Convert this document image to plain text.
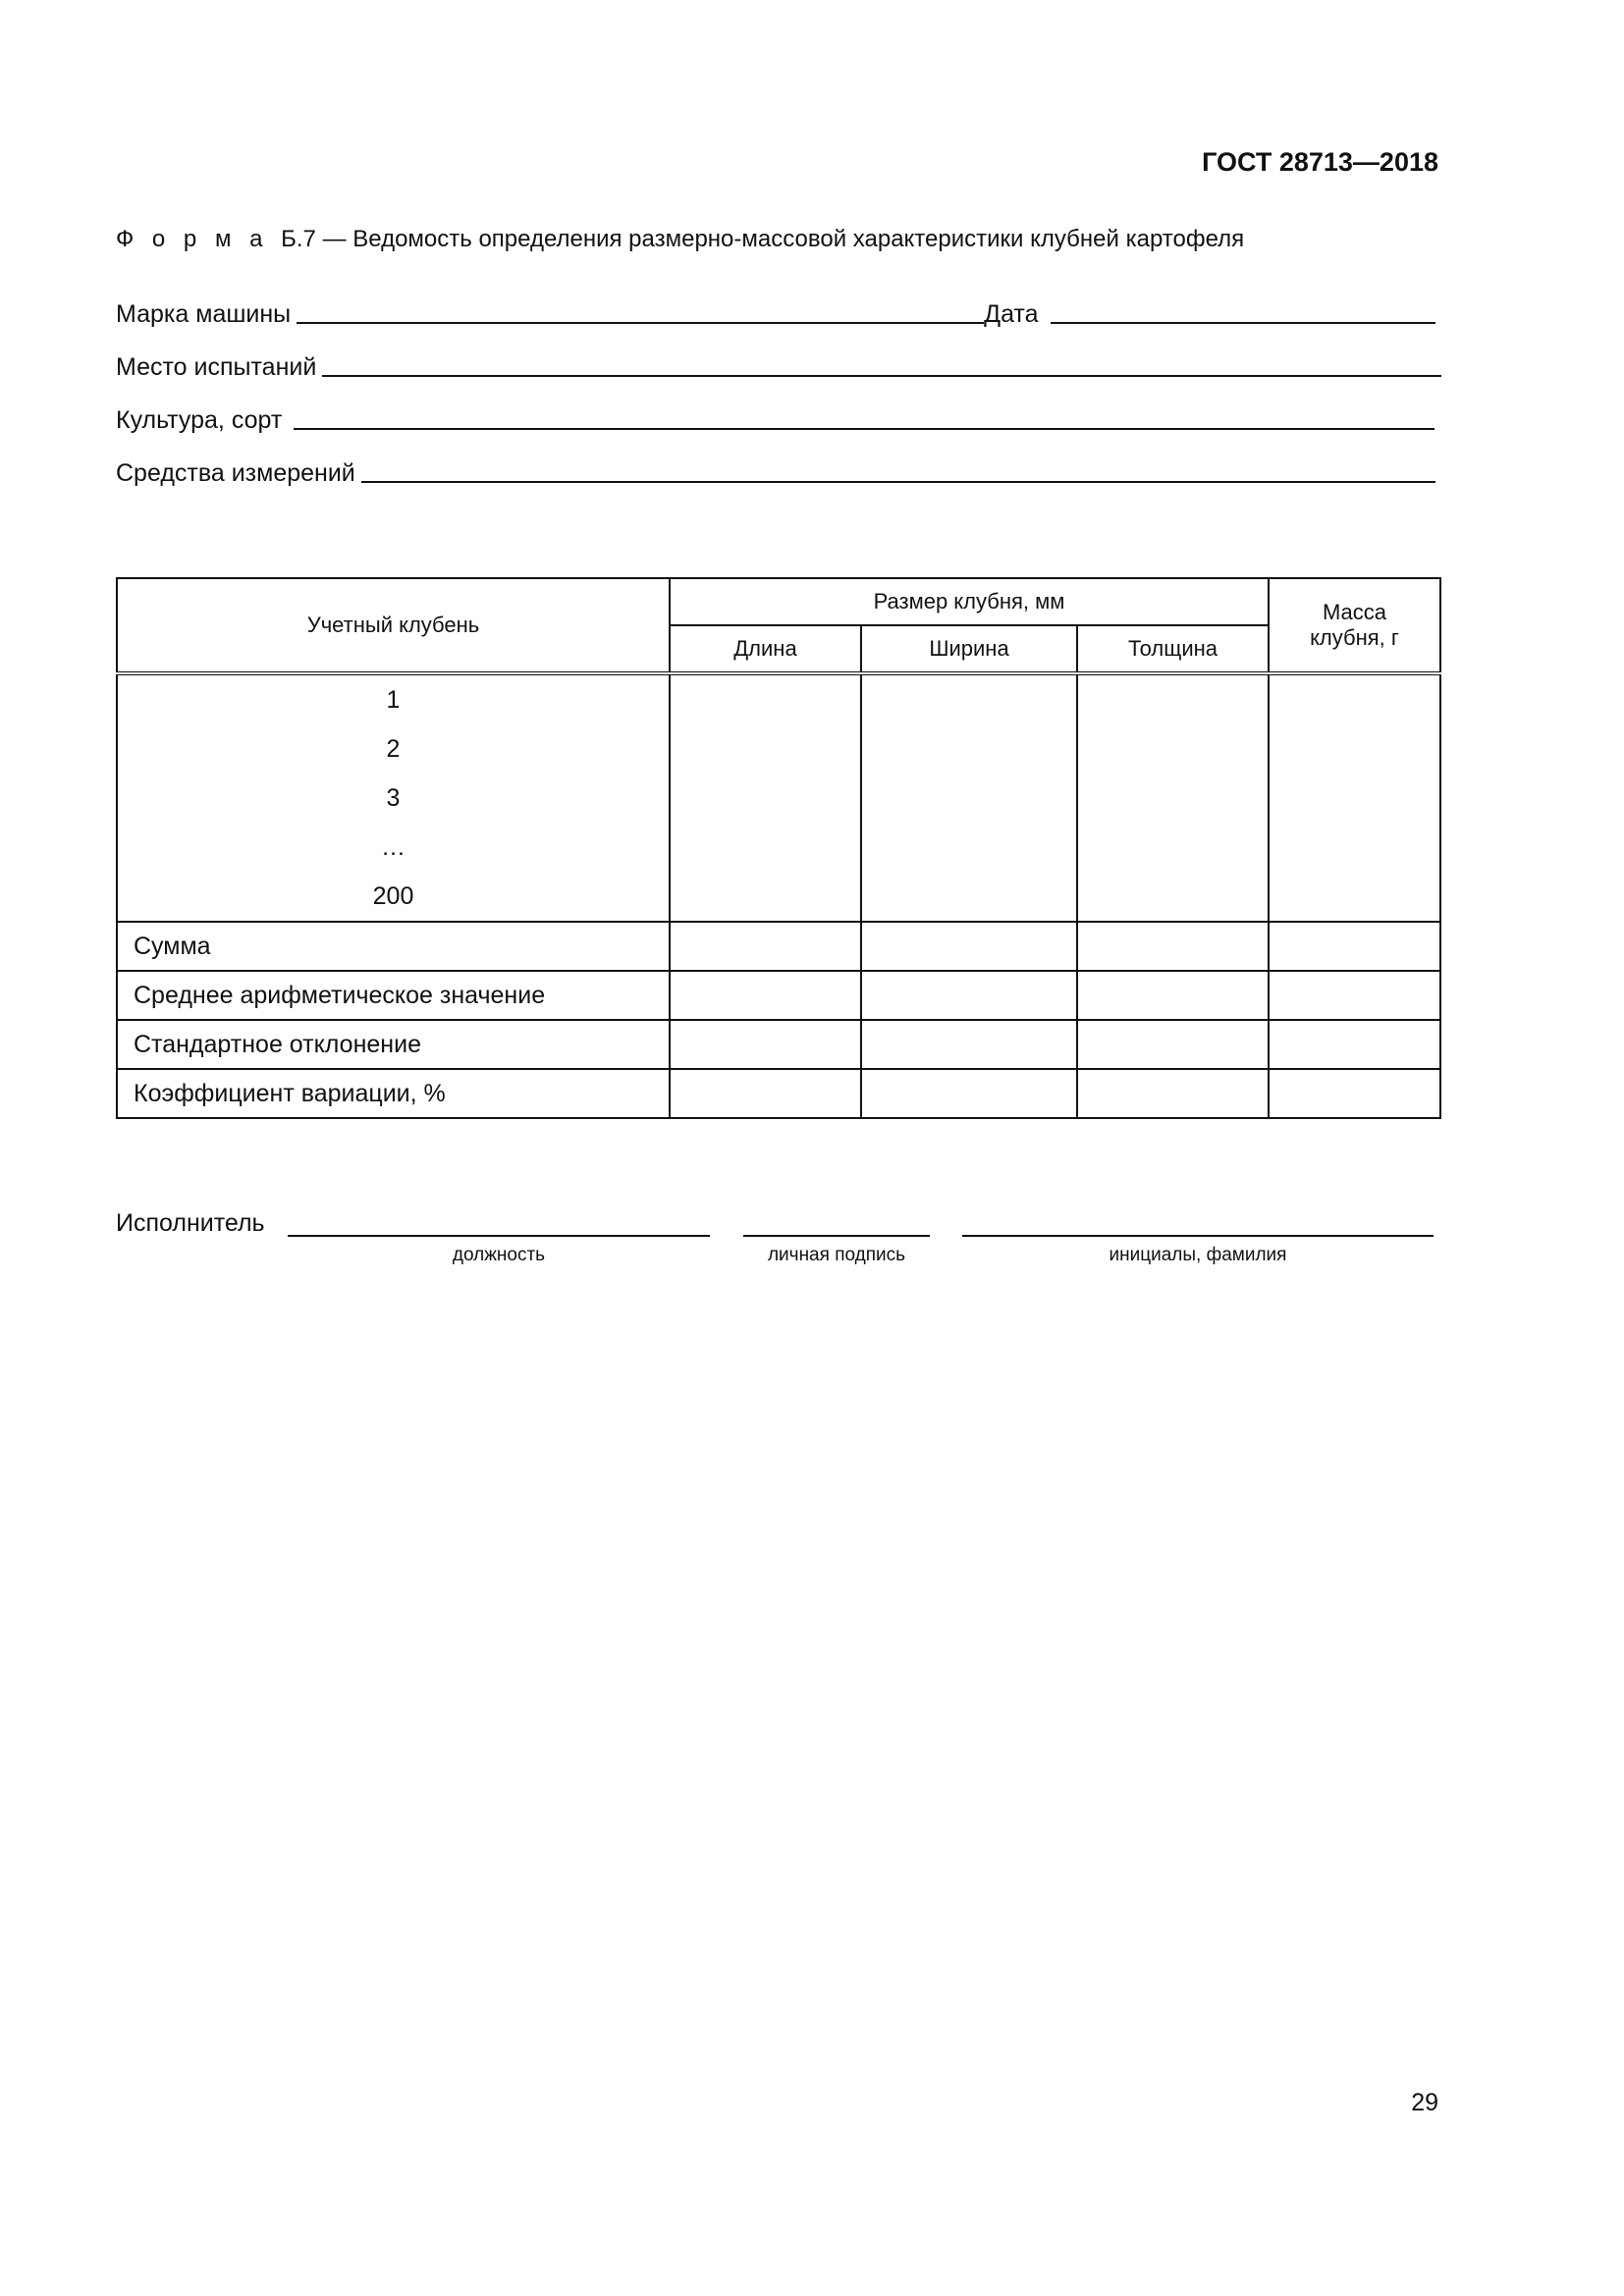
ГОСТ 28713—2018
Ф о р м а Б.7 — Ведомость определения размерно-массовой характеристики клубней картофеля
Марка машины	Дата
Место испытаний
Культура, сорт
Средства измерений
Учетный клубень	Размер клубня, мм			Масса клубня, г
	Длина	Ширина	Толщина	

1
2
3
…
200				

Сумма				
Среднее арифметическое значение				
Стандартное отклонение				
Коэффициент вариации, %				
Исполнитель
должность	личная подпись	инициалы, фамилия
29
